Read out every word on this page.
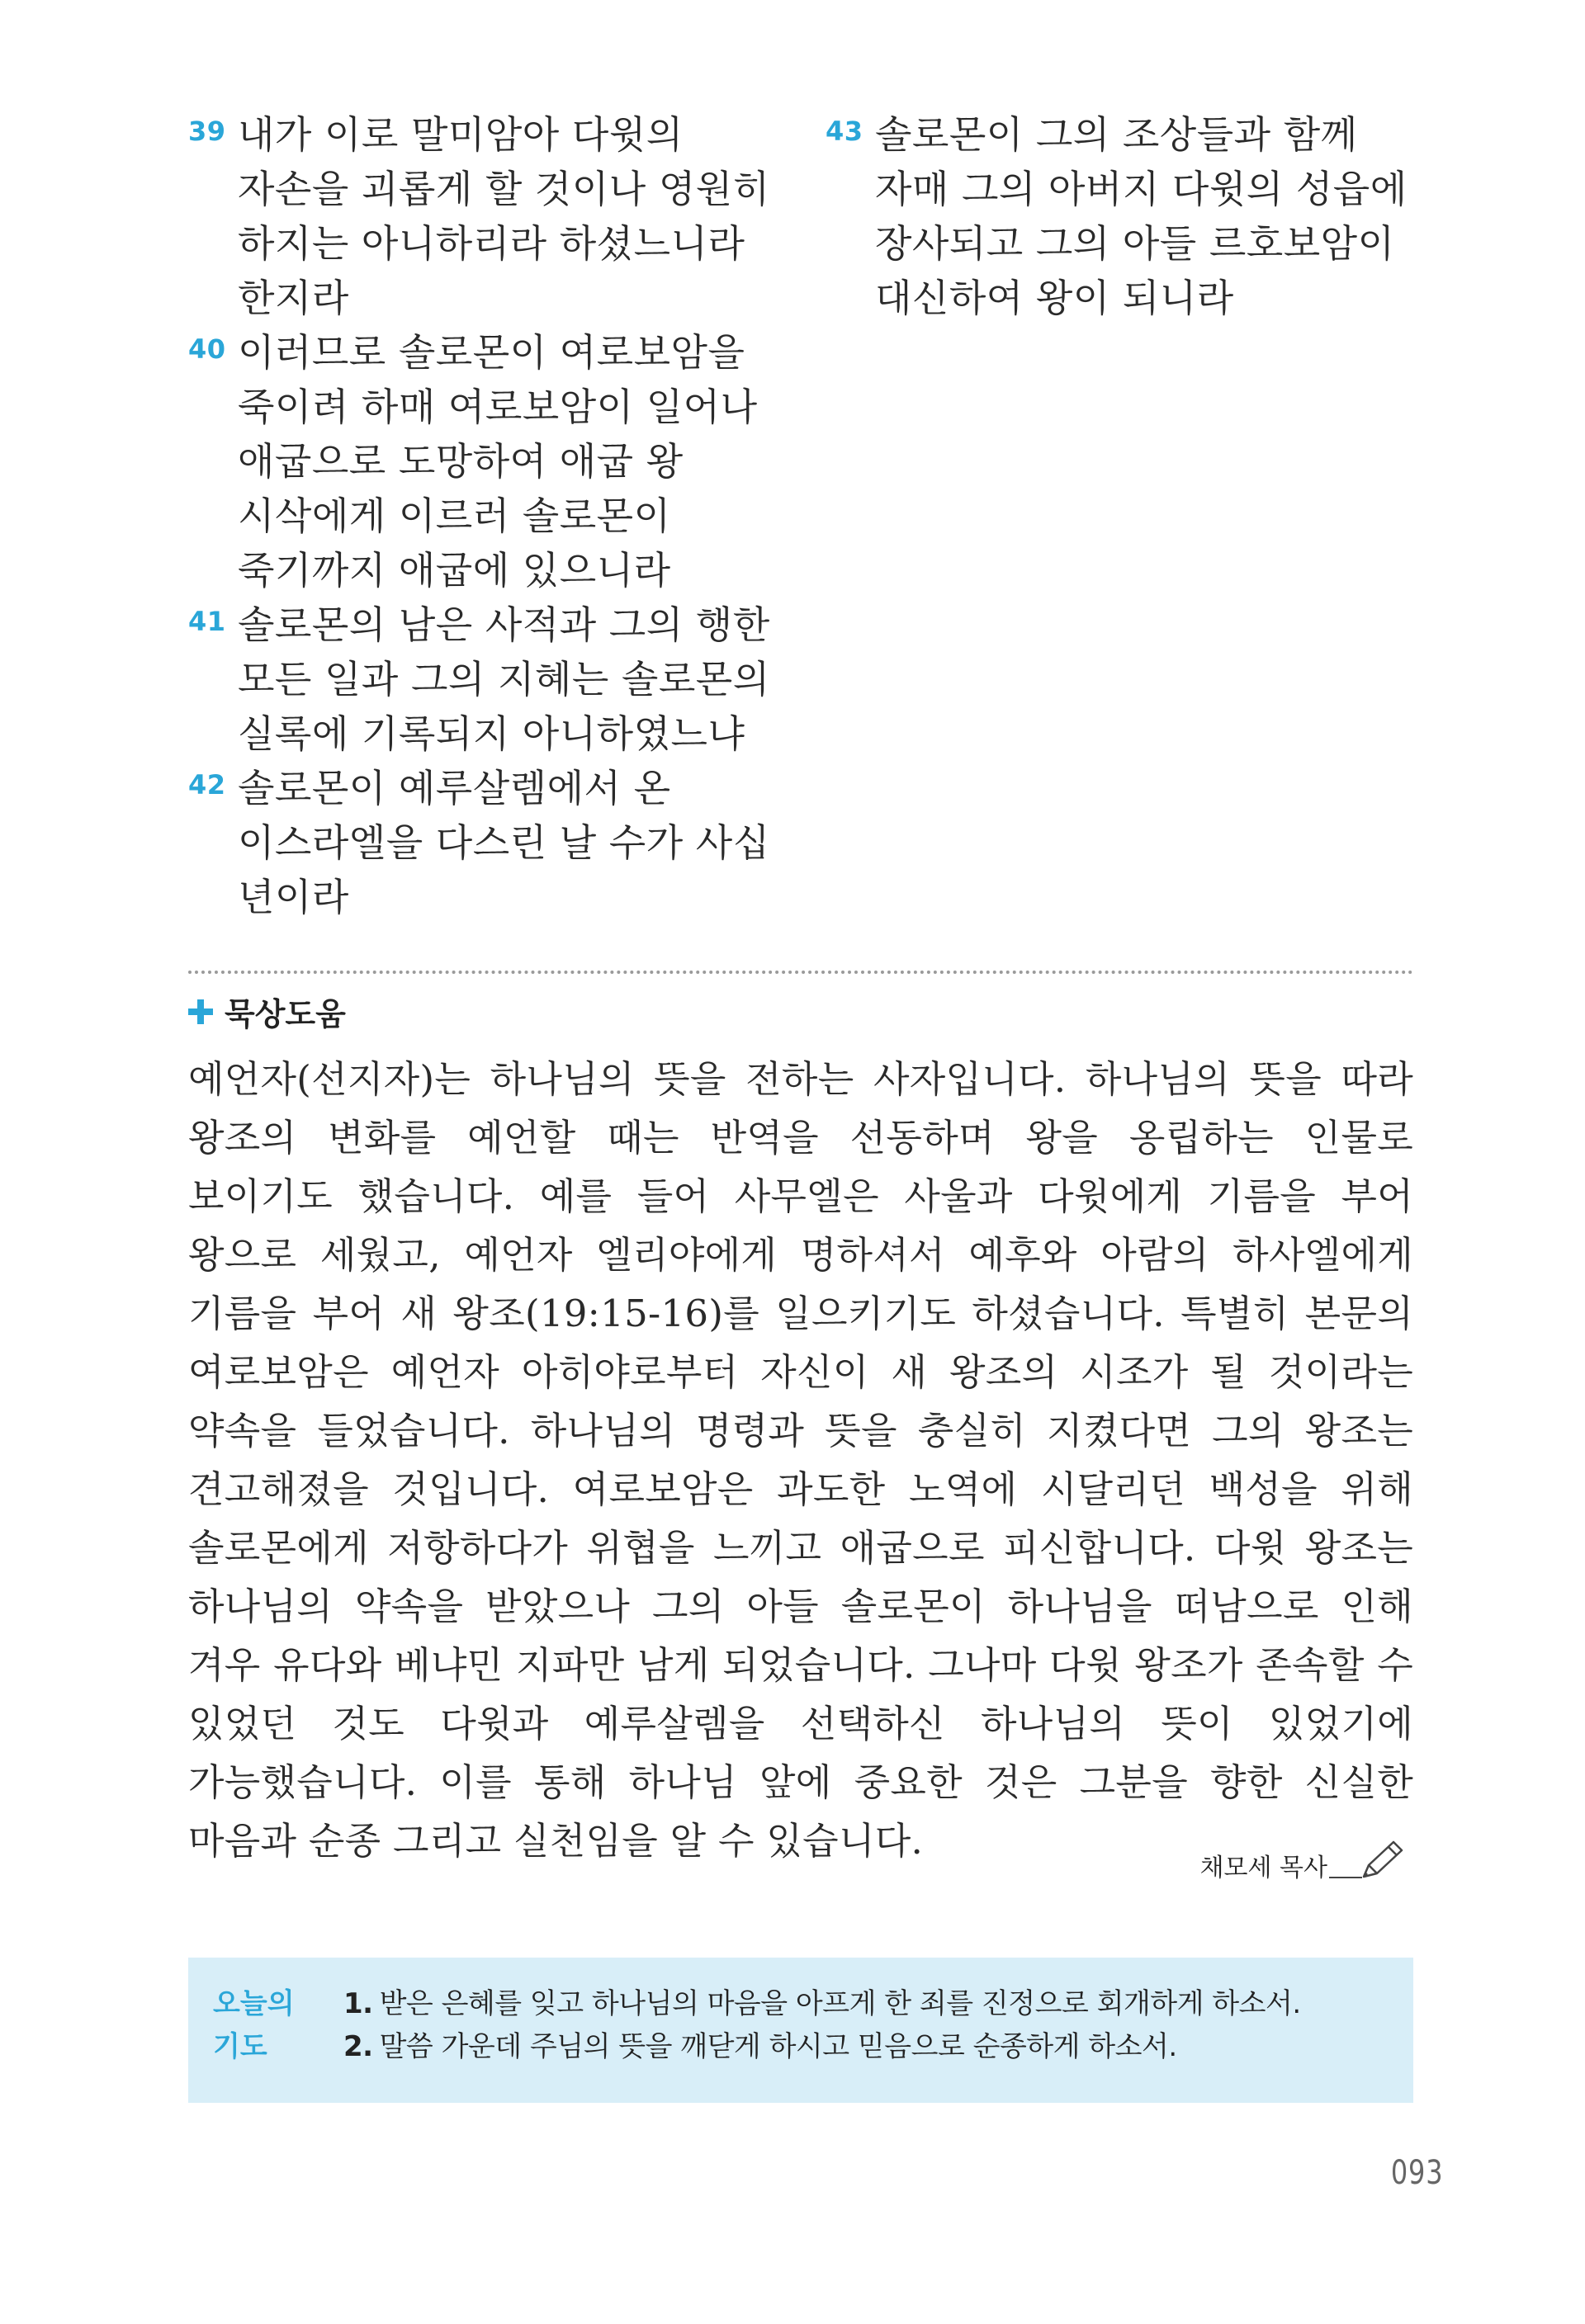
39 내가 이로 말미암아 다윗의 자손을 괴롭게 할 것이나 영원히 하지는 아니하리라 하셨느니라 한지라
40 이러므로 솔로몬이 여로보암을 죽이려 하매 여로보암이 일어나 애굽으로 도망하여 애굽 왕 시삭에게 이르러 솔로몬이 죽기까지 애굽에 있으니라
41 솔로몬의 남은 사적과 그의 행한 모든 일과 그의 지혜는 솔로몬의 실록에 기록되지 아니하였느냐
42 솔로몬이 예루살렘에서 온 이스라엘을 다스린 날 수가 사십 년이라
43 솔로몬이 그의 조상들과 함께 자매 그의 아버지 다윗의 성읍에 장사되고 그의 아들 르호보암이 대신하여 왕이 되니라
묵상도움
예언자(선지자)는 하나님의 뜻을 전하는 사자입니다. 하나님의 뜻을 따라 왕조의 변화를 예언할 때는 반역을 선동하며 왕을 옹립하는 인물로 보이기도 했습니다. 예를 들어 사무엘은 사울과 다윗에게 기름을 부어 왕으로 세웠고, 예언자 엘리야에게 명하셔서 예후와 아람의 하사엘에게 기름을 부어 새 왕조(19:15-16)를 일으키기도 하셨습니다. 특별히 본문의 여로보암은 예언자 아히야로부터 자신이 새 왕조의 시조가 될 것이라는 약속을 들었습니다. 하나님의 명령과 뜻을 충실히 지켰다면 그의 왕조는 견고해졌을 것입니다. 여로보암은 과도한 노역에 시달리던 백성을 위해 솔로몬에게 저항하다가 위협을 느끼고 애굽으로 피신합니다. 다윗 왕조는 하나님의 약속을 받았으나 그의 아들 솔로몬이 하나님을 떠남으로 인해 겨우 유다와 베냐민 지파만 남게 되었습니다. 그나마 다윗 왕조가 존속할 수 있었던 것도 다윗과 예루살렘을 선택하신 하나님의 뜻이 있었기에 가능했습니다. 이를 통해 하나님 앞에 중요한 것은 그분을 향한 신실한 마음과 순종 그리고 실천임을 알 수 있습니다.
채모세 목사
오늘의 기도
1. 받은 은혜를 잊고 하나님의 마음을 아프게 한 죄를 진정으로 회개하게 하소서.
2. 말씀 가운데 주님의 뜻을 깨닫게 하시고 믿음으로 순종하게 하소서.
093
